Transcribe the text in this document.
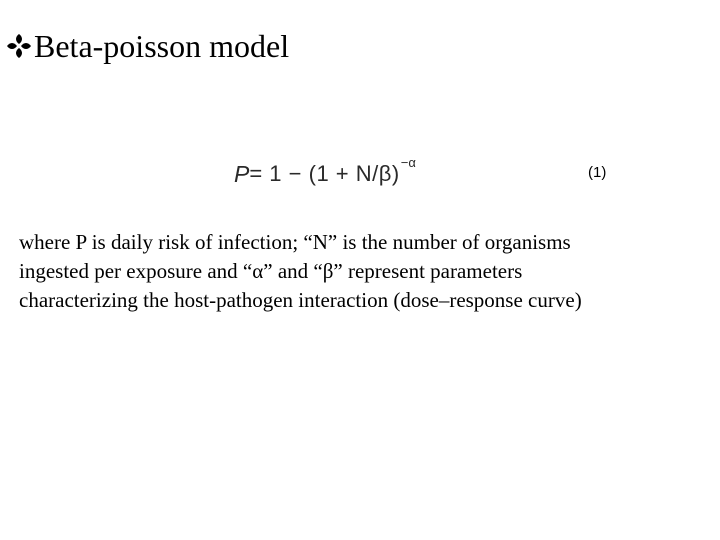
Beta-poisson model
P = 1 − (1 + N/β) −α
(1)

where P is daily risk of infection; “N” is the number of organisms
ingested per exposure and “α” and “β” represent parameters
characterizing the host-pathogen interaction (dose–response curve)
